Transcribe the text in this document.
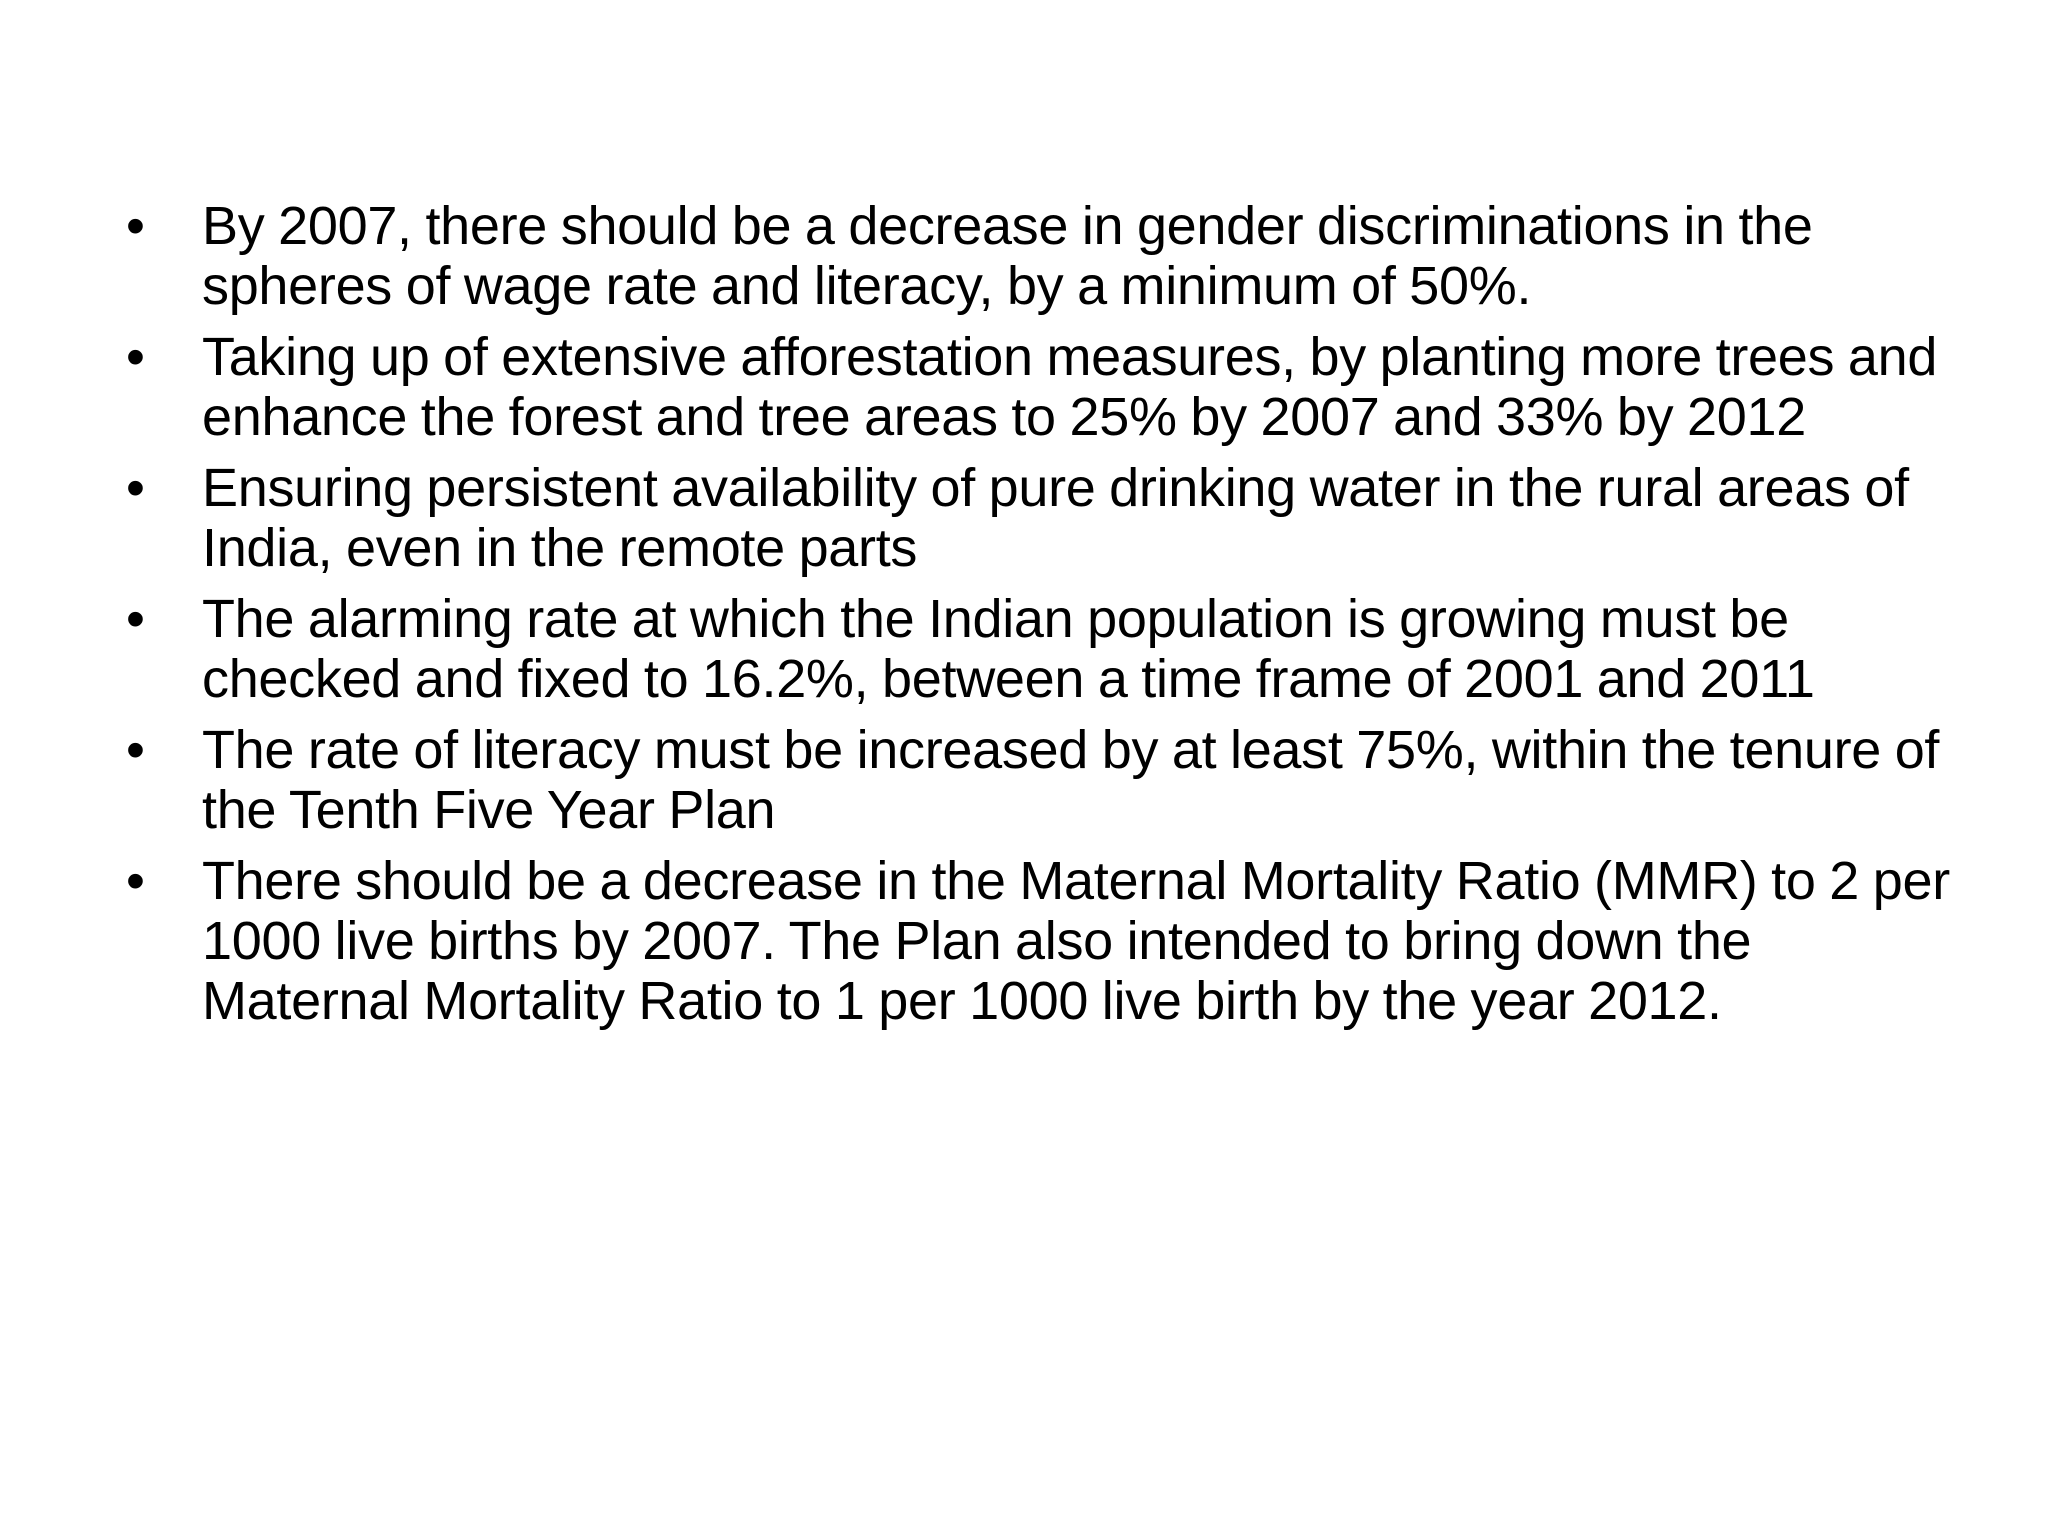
•	By 2007, there should be a decrease in gender discriminations in the spheres of wage rate and literacy, by a minimum of 50%.
•	Taking up of extensive afforestation measures, by planting more trees and enhance the forest and tree areas to 25% by 2007 and 33% by 2012
•	Ensuring persistent availability of pure drinking water in the rural areas of India, even in the remote parts
•	The alarming rate at which the Indian population is growing must be checked and fixed to 16.2%, between a time frame of 2001 and 2011
•	The rate of literacy must be increased by at least 75%, within the tenure of the Tenth Five Year Plan
•	There should be a decrease in the Maternal Mortality Ratio (MMR) to 2 per 1000 live births by 2007. The Plan also intended to bring down the Maternal Mortality Ratio to 1 per 1000 live birth by the year 2012.
